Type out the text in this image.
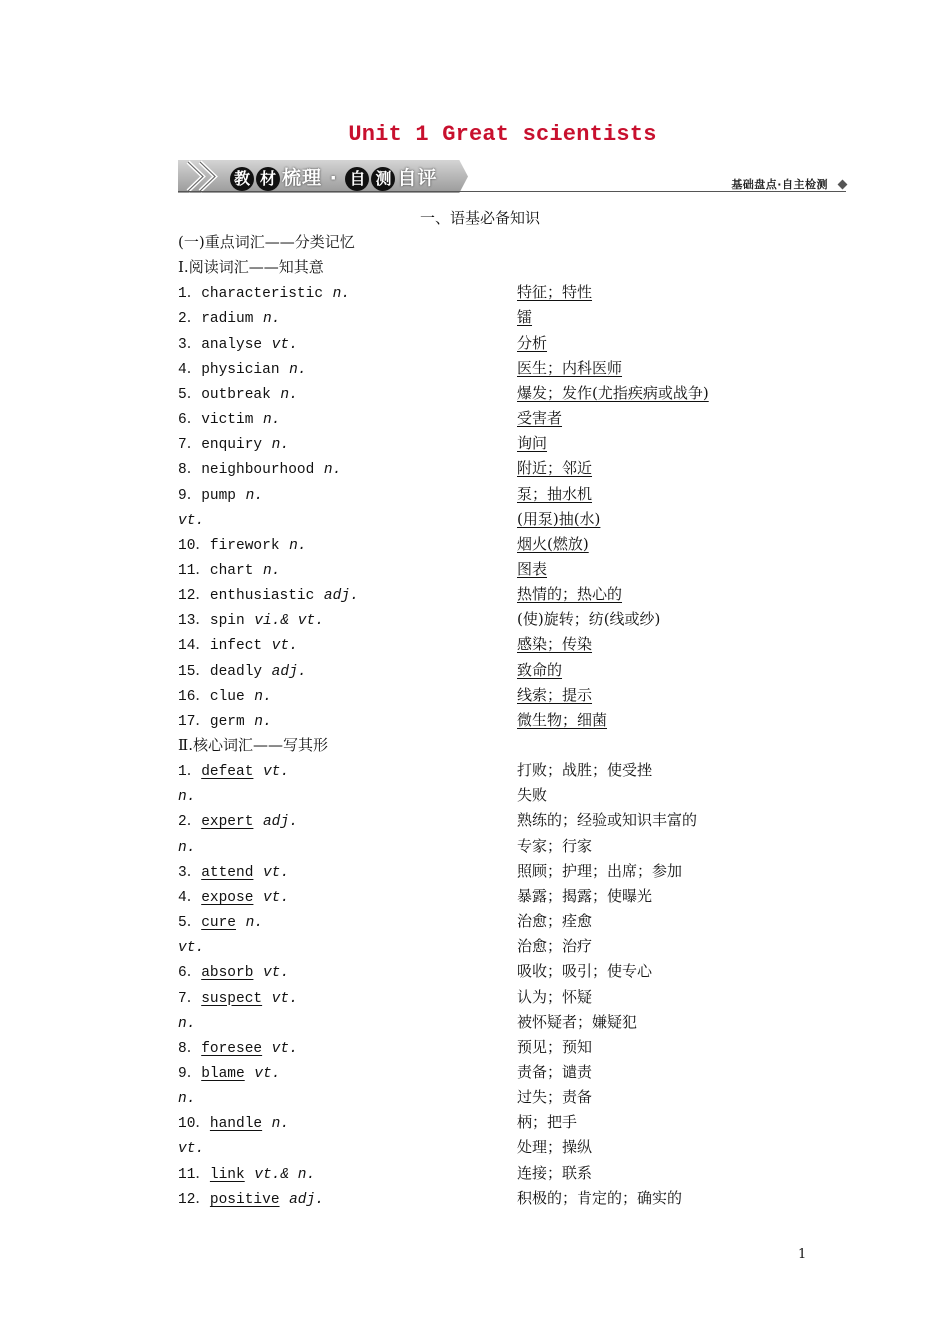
Unit 1 Great scientists
教 材 梳理 · 自 测 自评	基础盘点·自主检测
一、语基必备知识
(一)重点词汇——分类记忆
Ⅰ.阅读词汇——知其意
1．characteristic n.	特征；特性
2．radium n.	镭
3．analyse vt.	分析
4．physician n.	医生；内科医师
5．outbreak n.	爆发；发作(尤指疾病或战争)
6．victim n.	受害者
7．enquiry n.	询问
8．neighbourhood n.	附近；邻近
9．pump n.	泵；抽水机
vt.	(用泵)抽(水)
10．firework n.	烟火(燃放)
11．chart n.	图表
12．enthusiastic adj.	热情的；热心的
13．spin vi.& vt.	(使)旋转；纺(线或纱)
14．infect vt.	感染；传染
15．deadly adj.	致命的
16．clue n.	线索；提示
17．germ n.	微生物；细菌
Ⅱ.核心词汇——写其形
1．defeat vt.	打败；战胜；使受挫
n.	失败
2．expert adj.	熟练的；经验或知识丰富的
n.	专家；行家
3．attend vt.	照顾；护理；出席；参加
4．expose vt.	暴露；揭露；使曝光
5．cure n.	治愈；痊愈
vt.	治愈；治疗
6．absorb vt.	吸收；吸引；使专心
7．suspect vt.	认为；怀疑
n.	被怀疑者；嫌疑犯
8．foresee vt.	预见；预知
9．blame vt.	责备；谴责
n.	过失；责备
10．handle n.	柄；把手
vt.	处理；操纵
11．link vt.& n.	连接；联系
12．positive adj.	积极的；肯定的；确实的
1
